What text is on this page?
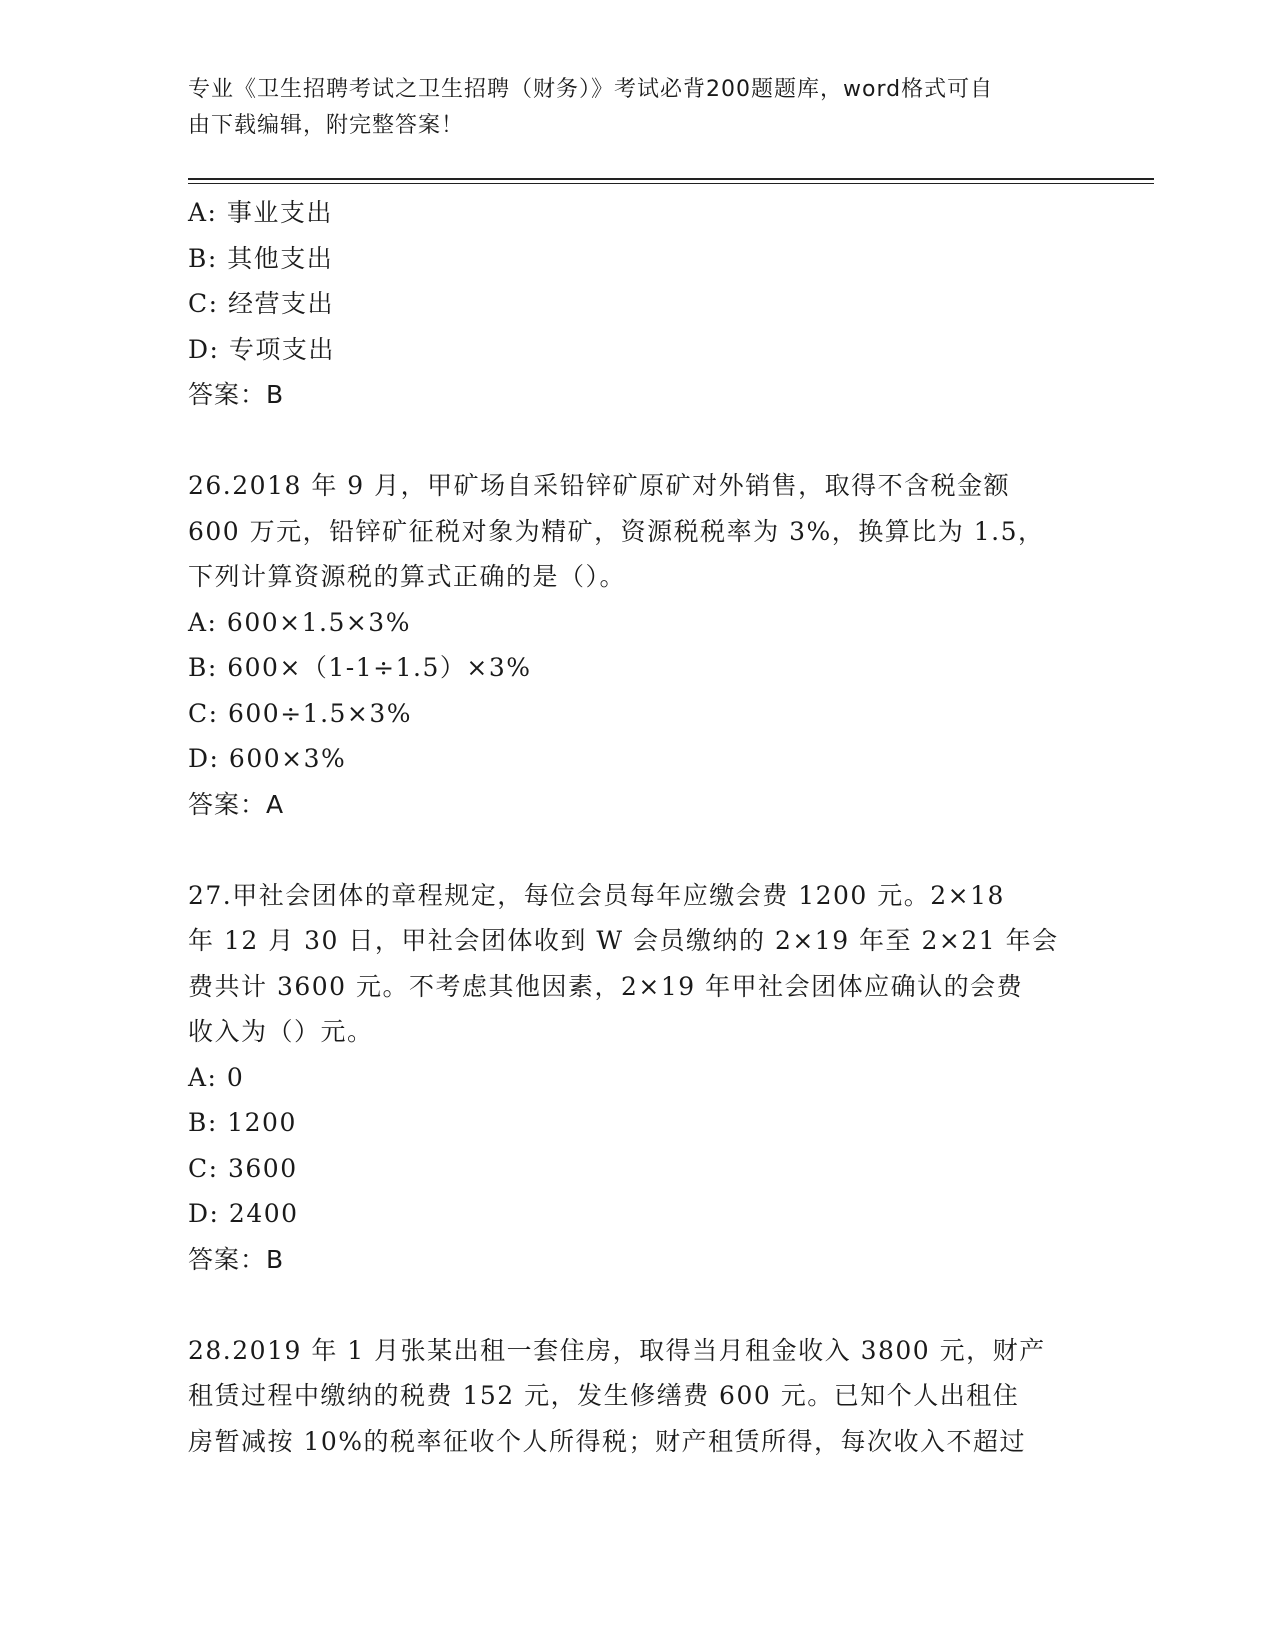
专业《卫生招聘考试之卫生招聘（财务）》考试必背200题题库，word格式可自
由下载编辑，附完整答案！
A: 事业支出
B: 其他支出
C: 经营支出
D: 专项支出
答案：B
26.2018 年 9 月，甲矿场自采铅锌矿原矿对外销售，取得不含税金额
600 万元，铅锌矿征税对象为精矿，资源税税率为 3%，换算比为 1.5，
下列计算资源税的算式正确的是（）。
A: 600×1.5×3%
B: 600×（1-1÷1.5）×3%
C: 600÷1.5×3%
D: 600×3%
答案：A
27.甲社会团体的章程规定，每位会员每年应缴会费 1200 元。2×18
年 12 月 30 日，甲社会团体收到 W 会员缴纳的 2×19 年至 2×21 年会
费共计 3600 元。不考虑其他因素，2×19 年甲社会团体应确认的会费
收入为（）元。
A: 0
B: 1200
C: 3600
D: 2400
答案：B
28.2019 年 1 月张某出租一套住房，取得当月租金收入 3800 元，财产
租赁过程中缴纳的税费 152 元，发生修缮费 600 元。已知个人出租住
房暂减按 10%的税率征收个人所得税；财产租赁所得，每次收入不超过
